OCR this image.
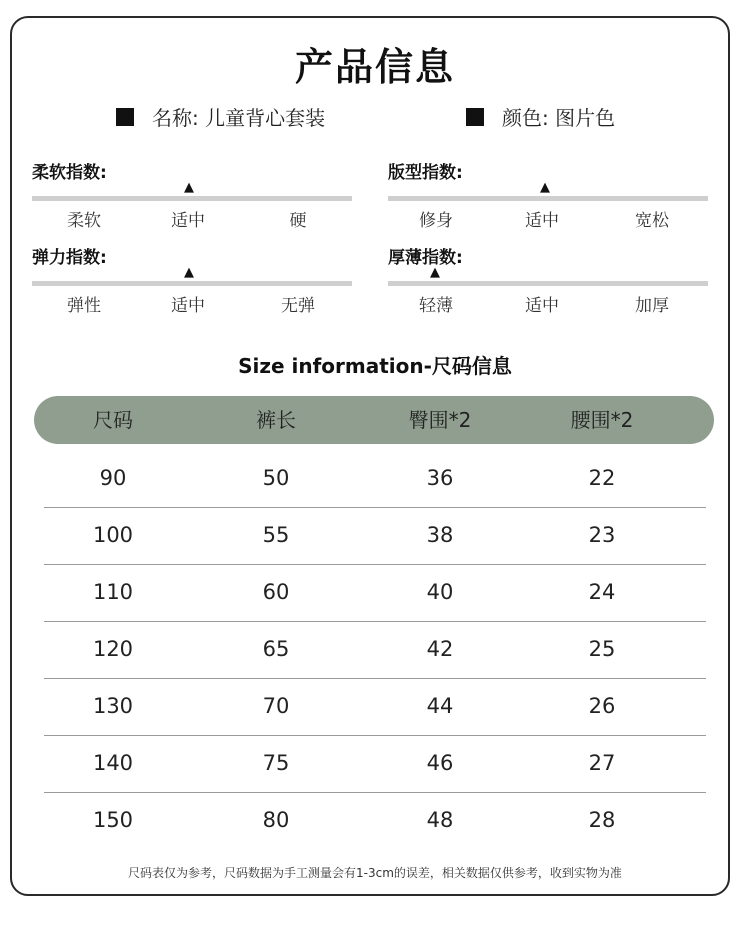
产品信息
名称: 儿童背心套装	颜色: 图片色
柔软指数:
▲
柔软	适中	硬
版型指数:
▲
修身	适中	宽松
弹力指数:
▲
弹性	适中	无弹
厚薄指数:
▲
轻薄	适中	加厚
Size information-尺码信息
尺码	裤长	臀围*2	腰围*2
90	50	36	22
100	55	38	23
110	60	40	24
120	65	42	25
130	70	44	26
140	75	46	27
150	80	48	28
尺码表仅为参考，尺码数据为手工测量会有1-3cm的误差，相关数据仅供参考，收到实物为准
